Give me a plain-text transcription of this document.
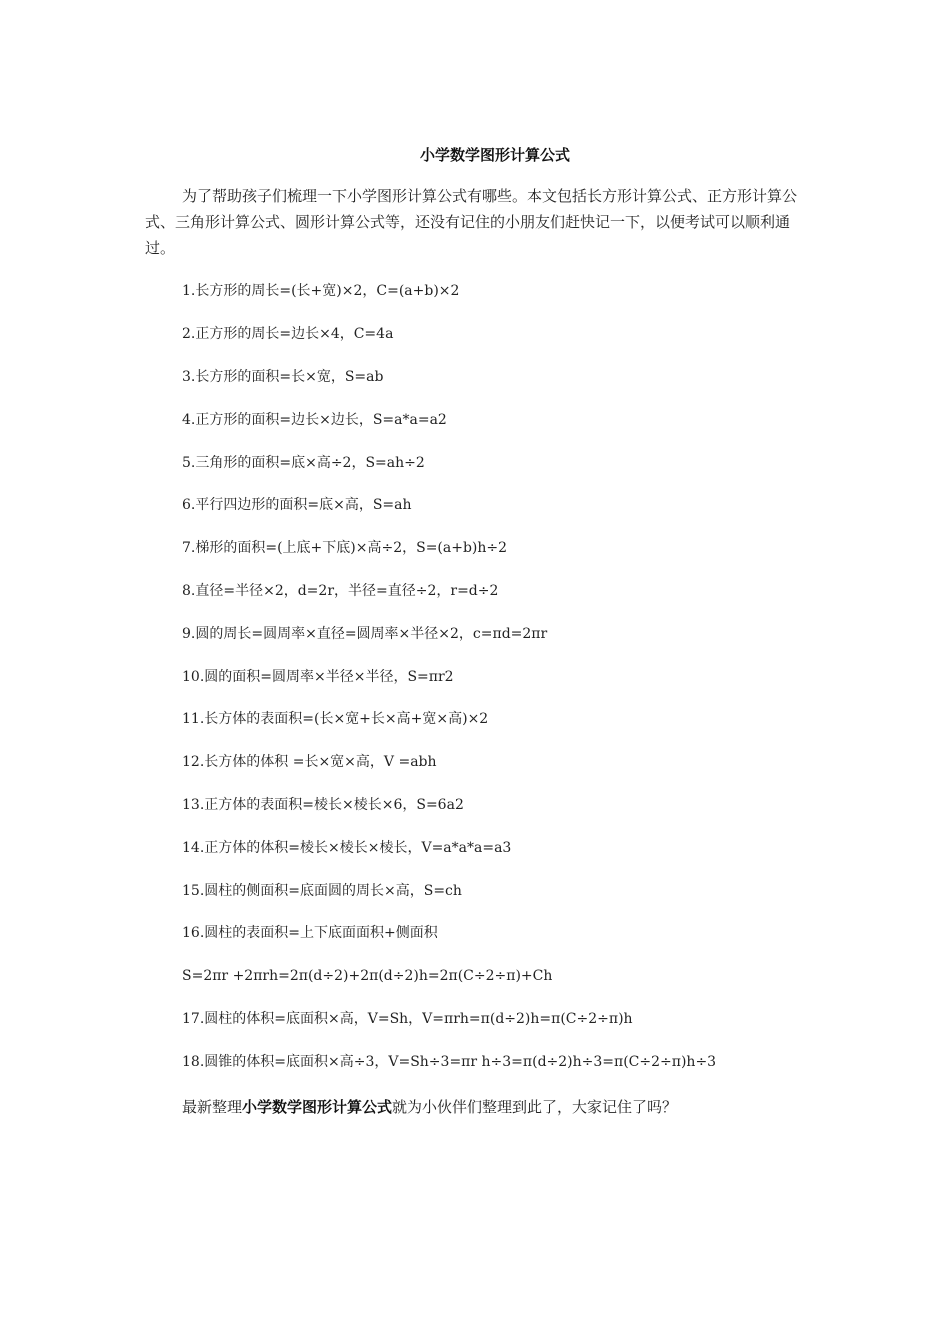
小学数学图形计算公式

为了帮助孩子们梳理一下小学图形计算公式有哪些。本文包括长方形计算公式、正方形计算公式、三角形计算公式、圆形计算公式等，还没有记住的小朋友们赶快记一下，以便考试可以顺利通过。

1.长方形的周长=(长+宽)×2，C=(a+b)×2

2.正方形的周长=边长×4，C=4a

3.长方形的面积=长×宽，S=ab

4.正方形的面积=边长×边长，S=a*a=a2

5.三角形的面积=底×高÷2，S=ah÷2

6.平行四边形的面积=底×高，S=ah

7.梯形的面积=(上底+下底)×高÷2，S=(a+b)h÷2

8.直径=半径×2，d=2r，半径=直径÷2，r=d÷2

9.圆的周长=圆周率×直径=圆周率×半径×2，c=πd=2πr

10.圆的面积=圆周率×半径×半径，S=πr2

11.长方体的表面积=(长×宽+长×高+宽×高)×2

12.长方体的体积 =长×宽×高，V =abh

13.正方体的表面积=棱长×棱长×6，S=6a2

14.正方体的体积=棱长×棱长×棱长，V=a*a*a=a3

15.圆柱的侧面积=底面圆的周长×高，S=ch

16.圆柱的表面积=上下底面面积+侧面积

S=2πr +2πrh=2π(d÷2)+2π(d÷2)h=2π(C÷2÷π)+Ch

17.圆柱的体积=底面积×高，V=Sh，V=πrh=π(d÷2)h=π(C÷2÷π)h

18.圆锥的体积=底面积×高÷3，V=Sh÷3=πr h÷3=π(d÷2)h÷3=π(C÷2÷π)h÷3

最新整理小学数学图形计算公式就为小伙伴们整理到此了，大家记住了吗？
